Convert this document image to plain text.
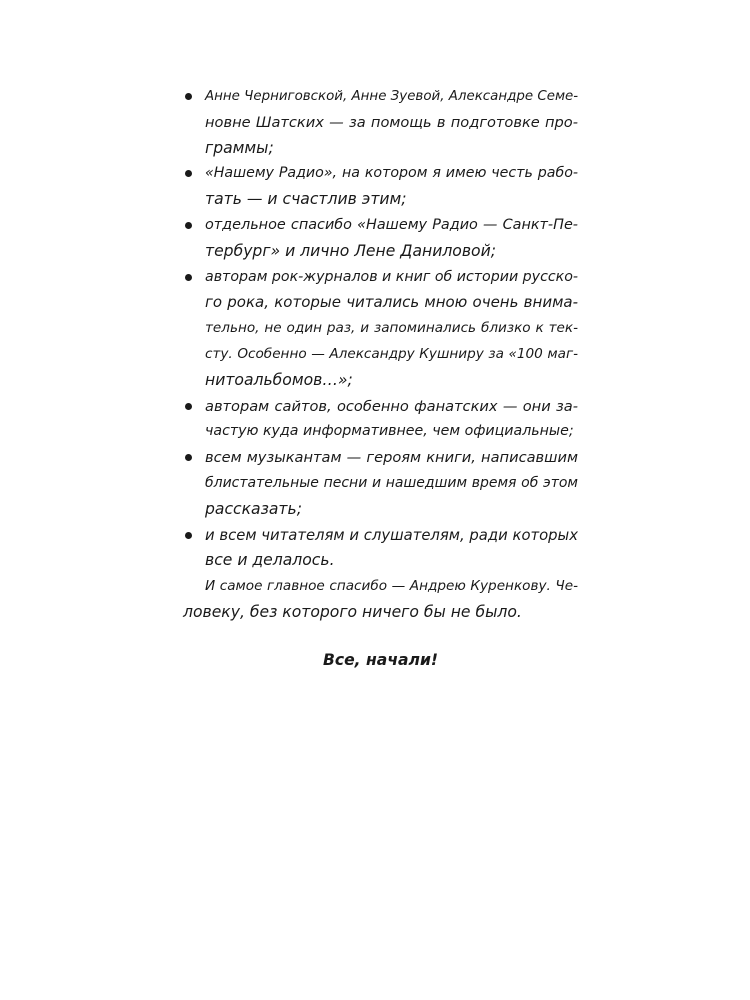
Анне Черниговской, Анне Зуевой, Александре Семе-
новне Шатских — за помощь в подготовке про-
граммы;
«Нашему Радио», на котором я имею честь рабо-
тать — и счастлив этим;
отдельное спасибо «Нашему Радио — Санкт-Пе-
тербург» и лично Лене Даниловой;
авторам рок-журналов и книг об истории русско-
го рока, которые читались мною очень внима-
тельно, не один раз, и запоминались близко к тек-
сту. Особенно — Александру Кушниру за «100 маг-
нитоальбомов…»;
авторам сайтов, особенно фанатских — они за-
частую куда информативнее, чем официальные;
всем музыкантам — героям книги, написавшим
блистательные песни и нашедшим время об этом
рассказать;
и всем читателям и слушателям, ради которых
все и делалось.

И самое главное спасибо — Андрею Куренкову. Че-
ловеку, без которого ничего бы не было.

Все, начали!
